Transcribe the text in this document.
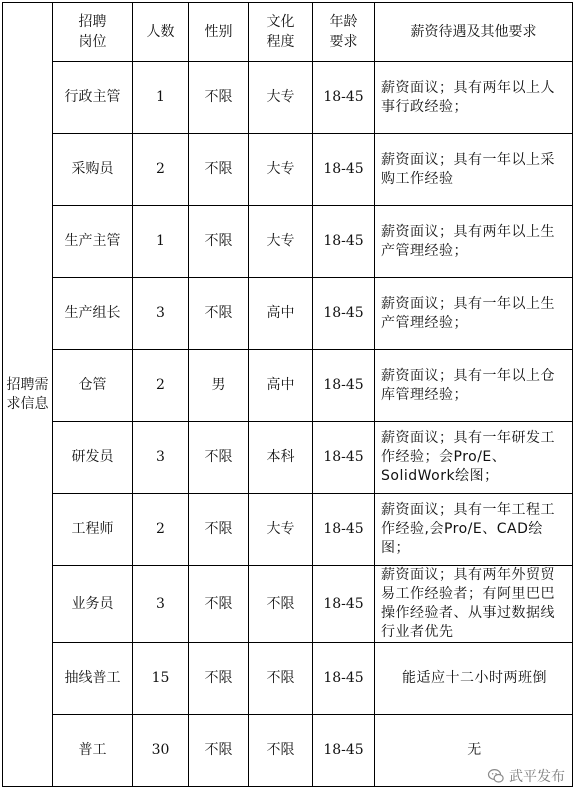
招聘需求信息	招聘岗位	人数	性别	文化程度	年龄要求	薪资待遇及其他要求
	行政主管	1	不限	大专	18-45	薪资面议；具有两年以上人事行政经验；
	采购员	2	不限	大专	18-45	薪资面议；具有一年以上采购工作经验
	生产主管	1	不限	大专	18-45	薪资面议；具有两年以上生产管理经验；
	生产组长	3	不限	高中	18-45	薪资面议；具有一年以上生产管理经验；
	仓管	2	男	高中	18-45	薪资面议；具有一年以上仓库管理经验；
	研发员	3	不限	本科	18-45	薪资面议；具有一年研发工作经验；会Pro/E、SolidWork绘图；
	工程师	2	不限	大专	18-45	薪资面议；具有一年工程工作经验,会Pro/E、CAD绘图；
	业务员	3	不限	不限	18-45	薪资面议；具有两年外贸贸易工作经验者；有阿里巴巴操作经验者、从事过数据线行业者优先
	抽线普工	15	不限	不限	18-45	能适应十二小时两班倒
	普工	30	不限	不限	18-45	无
武平发布
